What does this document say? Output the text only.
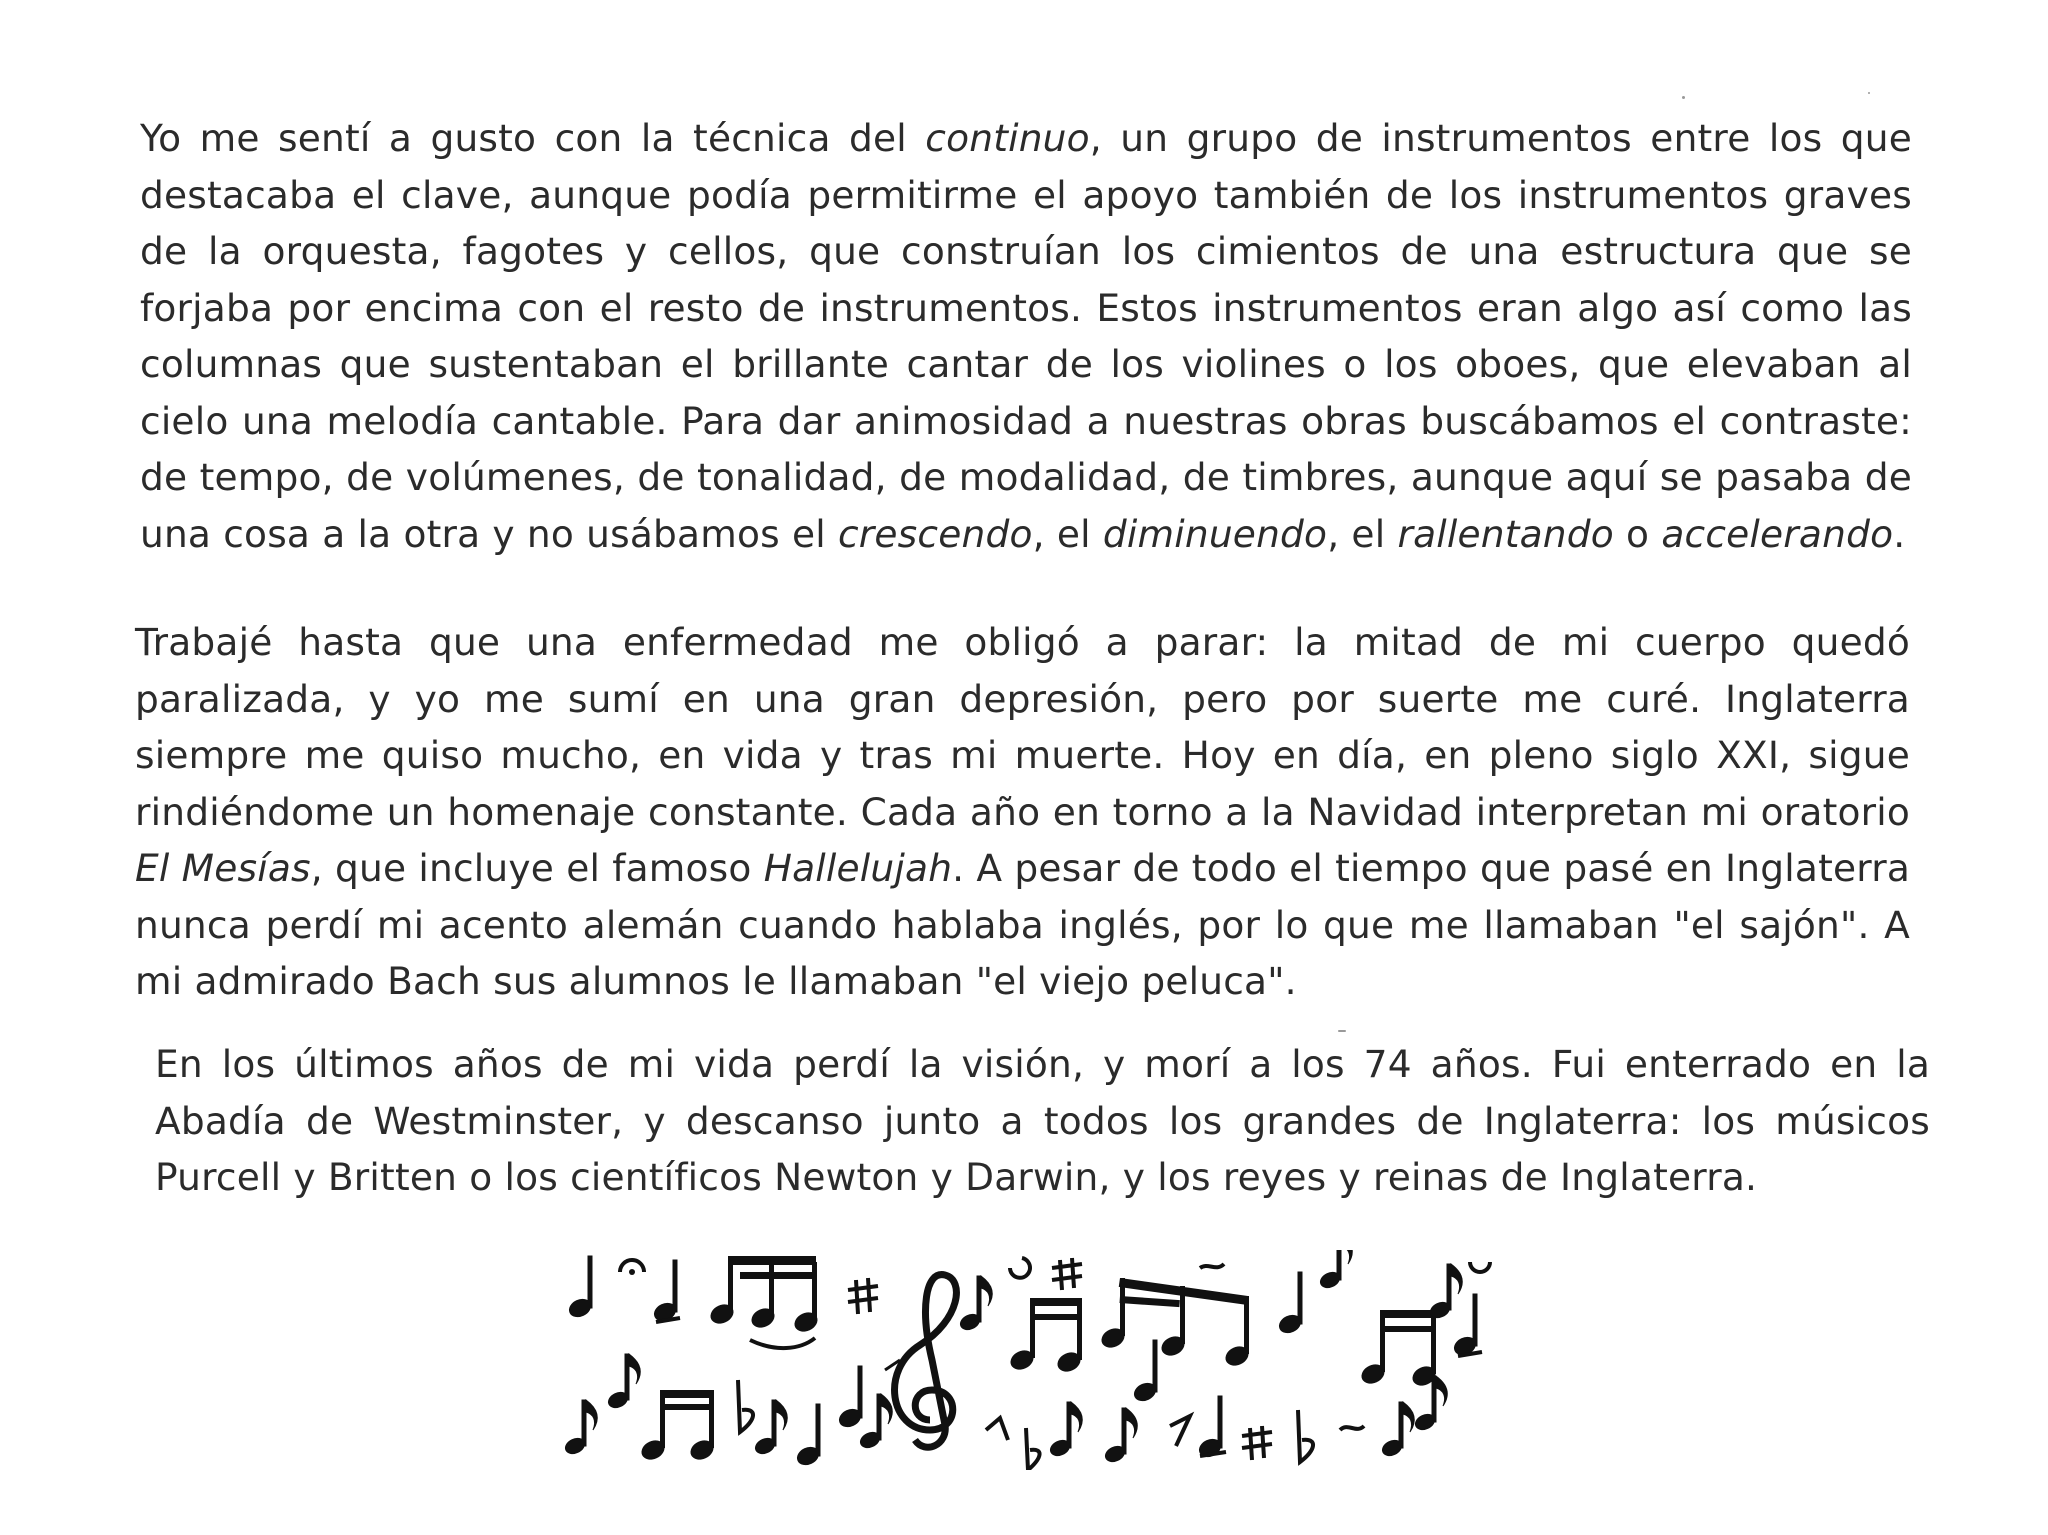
Yo me sentí a gusto con la técnica del continuo, un grupo de instrumentos entre los que destacaba el clave, aunque podía permitirme el apoyo también de los instrumentos graves de la orquesta, fagotes y cellos, que construían los cimientos de una estructura que se forjaba por encima con el resto de instrumentos. Estos instrumentos eran algo así como las columnas que sustentaban el brillante cantar de los violines o los oboes, que elevaban al cielo una melodía cantable. Para dar animosidad a nuestras obras buscábamos el contraste: de tempo, de volúmenes, de tonalidad, de modalidad, de timbres, aunque aquí se pasaba de una cosa a la otra y no usábamos el crescendo, el diminuendo, el rallentando o accelerando.

Trabajé hasta que una enfermedad me obligó a parar: la mitad de mi cuerpo quedó paralizada, y yo me sumí en una gran depresión, pero por suerte me curé. Inglaterra siempre me quiso mucho, en vida y tras mi muerte. Hoy en día, en pleno siglo XXI, sigue rindiéndome un homenaje constante. Cada año en torno a la Navidad interpretan mi oratorio El Mesías, que incluye el famoso Hallelujah. A pesar de todo el tiempo que pasé en Inglaterra nunca perdí mi acento alemán cuando hablaba inglés, por lo que me llamaban "el sajón". A mi admirado Bach sus alumnos le llamaban "el viejo peluca".

En los últimos años de mi vida perdí la visión, y morí a los 74 años. Fui enterrado en la Abadía de Westminster, y descanso junto a todos los grandes de Inglaterra: los músicos Purcell y Britten o los científicos Newton y Darwin, y los reyes y reinas de Inglaterra.
